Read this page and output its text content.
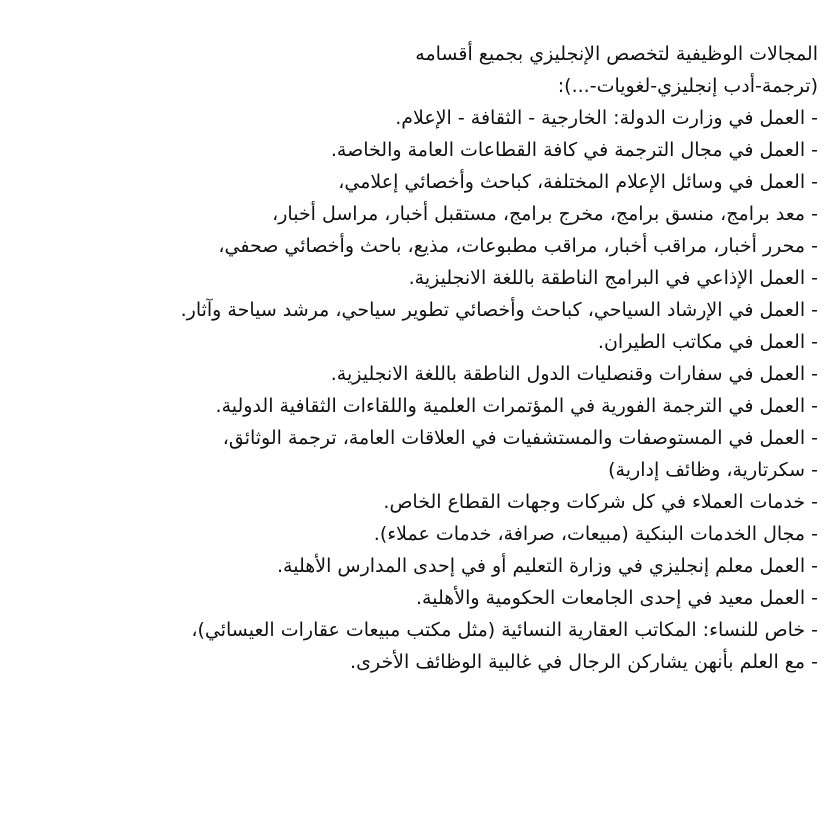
المجالات الوظيفية لتخصص الإنجليزي بجميع أقسامه
(ترجمة-أدب إنجليزي-لغويات-...):
- العمل في وزارت الدولة: الخارجية - الثقافة - الإعلام.
- العمل في مجال الترجمة في كافة القطاعات العامة والخاصة.
- العمل في وسائل الإعلام المختلفة، كباحث وأخصائي إعلامي،
- معد برامج، منسق برامج، مخرج برامج، مستقبل أخبار، مراسل أخبار،
- محرر أخبار، مراقب أخبار، مراقب مطبوعات، مذيع، باحث وأخصائي صحفي،
- العمل الإذاعي في البرامج الناطقة باللغة الانجليزية.
- العمل في الإرشاد السياحي، كباحث وأخصائي تطوير سياحي، مرشد سياحة وآثار.
- العمل في مكاتب الطيران.
- العمل في سفارات وقنصليات الدول الناطقة باللغة الانجليزية.
- العمل في الترجمة الفورية في المؤتمرات العلمية واللقاءات الثقافية الدولية.
- العمل في المستوصفات والمستشفيات في العلاقات العامة، ترجمة الوثائق،
- سكرتارية، وظائف إدارية)
- خدمات العملاء في كل شركات وجهات القطاع الخاص.
- مجال الخدمات البنكية (مبيعات، صرافة، خدمات عملاء).
- العمل معلم إنجليزي في وزارة التعليم أو في إحدى المدارس الأهلية.
- العمل معيد في إحدى الجامعات الحكومية والأهلية.
- خاص للنساء: المكاتب العقارية النسائية (مثل مكتب مبيعات عقارات العيسائي)،
- مع العلم بأنهن يشاركن الرجال في غالبية الوظائف الأخرى.
